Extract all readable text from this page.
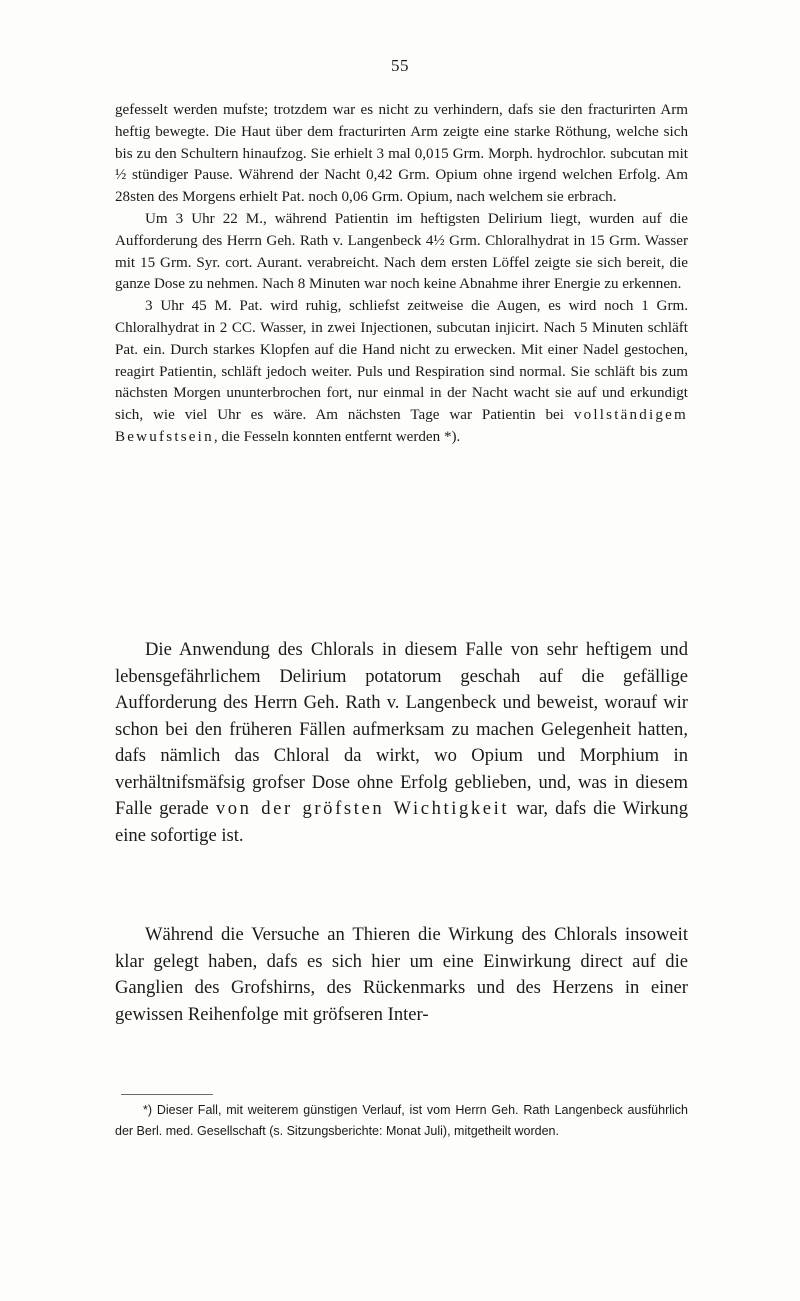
55

gefesselt werden mufste; trotzdem war es nicht zu verhindern, dafs sie den fracturirten Arm heftig bewegte. Die Haut über dem fracturirten Arm zeigte eine starke Röthung, welche sich bis zu den Schultern hinaufzog. Sie erhielt 3 mal 0,015 Grm. Morph. hydrochlor. subcutan mit ½ stündiger Pause. Während der Nacht 0,42 Grm. Opium ohne irgend welchen Erfolg. Am 28sten des Morgens erhielt Pat. noch 0,06 Grm. Opium, nach welchem sie erbrach.

Um 3 Uhr 22 M., während Patientin im heftigsten Delirium liegt, wurden auf die Aufforderung des Herrn Geh. Rath v. Langenbeck 4½ Grm. Chloralhydrat in 15 Grm. Wasser mit 15 Grm. Syr. cort. Aurant. verabreicht. Nach dem ersten Löffel zeigte sie sich bereit, die ganze Dose zu nehmen. Nach 8 Minuten war noch keine Abnahme ihrer Energie zu erkennen.

3 Uhr 45 M. Pat. wird ruhig, schliefst zeitweise die Augen, es wird noch 1 Grm. Chloralhydrat in 2 CC. Wasser, in zwei Injectionen, subcutan injicirt. Nach 5 Minuten schläft Pat. ein. Durch starkes Klopfen auf die Hand nicht zu erwecken. Mit einer Nadel gestochen, reagirt Patientin, schläft jedoch weiter. Puls und Respiration sind normal. Sie schläft bis zum nächsten Morgen ununterbrochen fort, nur einmal in der Nacht wacht sie auf und erkundigt sich, wie viel Uhr es wäre. Am nächsten Tage war Patientin bei vollständigem Bewufstsein, die Fesseln konnten entfernt werden *).

Die Anwendung des Chlorals in diesem Falle von sehr heftigem und lebensgefährlichem Delirium potatorum geschah auf die gefällige Aufforderung des Herrn Geh. Rath v. Langenbeck und beweist, worauf wir schon bei den früheren Fällen aufmerksam zu machen Gelegenheit hatten, dafs nämlich das Chloral da wirkt, wo Opium und Morphium in verhältnifsmäfsig grofser Dose ohne Erfolg geblieben, und, was in diesem Falle gerade von der gröfsten Wichtigkeit war, dafs die Wirkung eine sofortige ist.

Während die Versuche an Thieren die Wirkung des Chlorals insoweit klar gelegt haben, dafs es sich hier um eine Einwirkung direct auf die Ganglien des Grofshirns, des Rückenmarks und des Herzens in einer gewissen Reihenfolge mit gröfseren Inter-

*) Dieser Fall, mit weiterem günstigen Verlauf, ist vom Herrn Geh. Rath Langenbeck ausführlich der Berl. med. Gesellschaft (s. Sitzungsberichte: Monat Juli), mitgetheilt worden.
